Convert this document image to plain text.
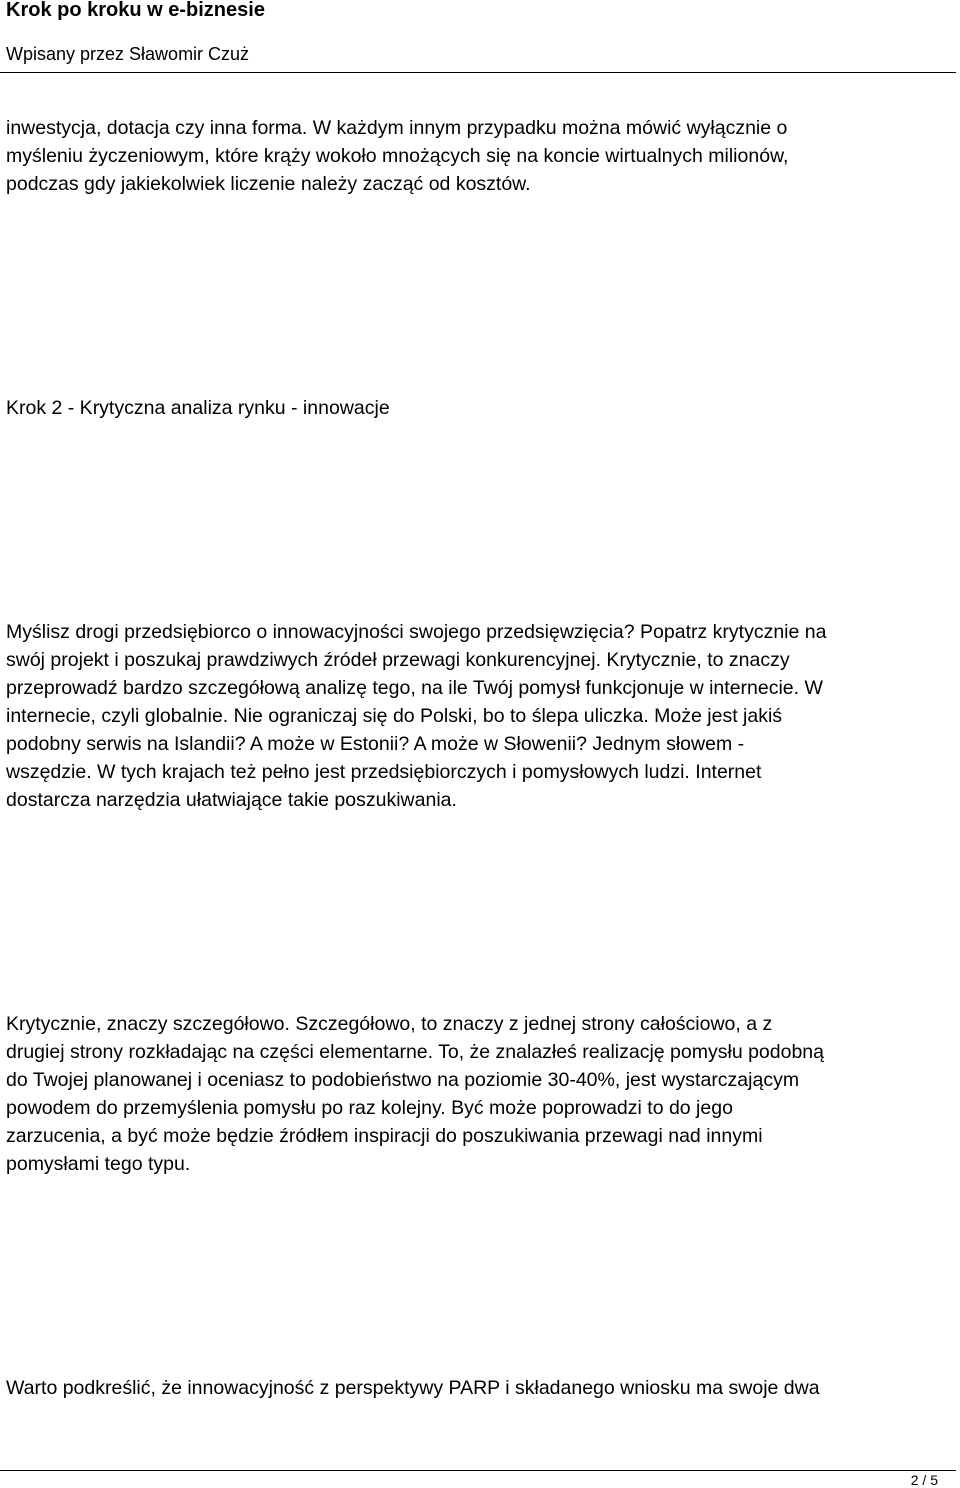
Krok po kroku w e-biznesie
Wpisany przez Sławomir Czuż
inwestycja, dotacja czy inna forma. W każdym innym przypadku można mówić wyłącznie o
myśleniu życzeniowym, które krąży wokoło mnożących się na koncie wirtualnych milionów,
podczas gdy jakiekolwiek liczenie należy zacząć od kosztów.
Krok 2 - Krytyczna analiza rynku - innowacje
Myślisz drogi przedsiębiorco o innowacyjności swojego przedsięwzięcia? Popatrz krytycznie na
swój projekt i poszukaj prawdziwych źródeł przewagi konkurencyjnej. Krytycznie, to znaczy
przeprowadź bardzo szczegółową analizę tego, na ile Twój pomysł funkcjonuje w internecie. W
internecie, czyli globalnie. Nie ograniczaj się do Polski, bo to ślepa uliczka. Może jest jakiś
podobny serwis na Islandii? A może w Estonii? A może w Słowenii? Jednym słowem -
wszędzie. W tych krajach też pełno jest przedsiębiorczych i pomysłowych ludzi. Internet
dostarcza narzędzia ułatwiające takie poszukiwania.
Krytycznie, znaczy szczegółowo. Szczegółowo, to znaczy z jednej strony całościowo, a z
drugiej strony rozkładając na części elementarne. To, że znalazłeś realizację pomysłu podobną
do Twojej planowanej i oceniasz to podobieństwo na poziomie 30-40%, jest wystarczającym
powodem do przemyślenia pomysłu po raz kolejny. Być może poprowadzi to do jego
zarzucenia, a być może będzie źródłem inspiracji do poszukiwania przewagi nad innymi
pomysłami tego typu.
Warto podkreślić, że innowacyjność z perspektywy PARP i składanego wniosku ma swoje dwa
2 / 5
